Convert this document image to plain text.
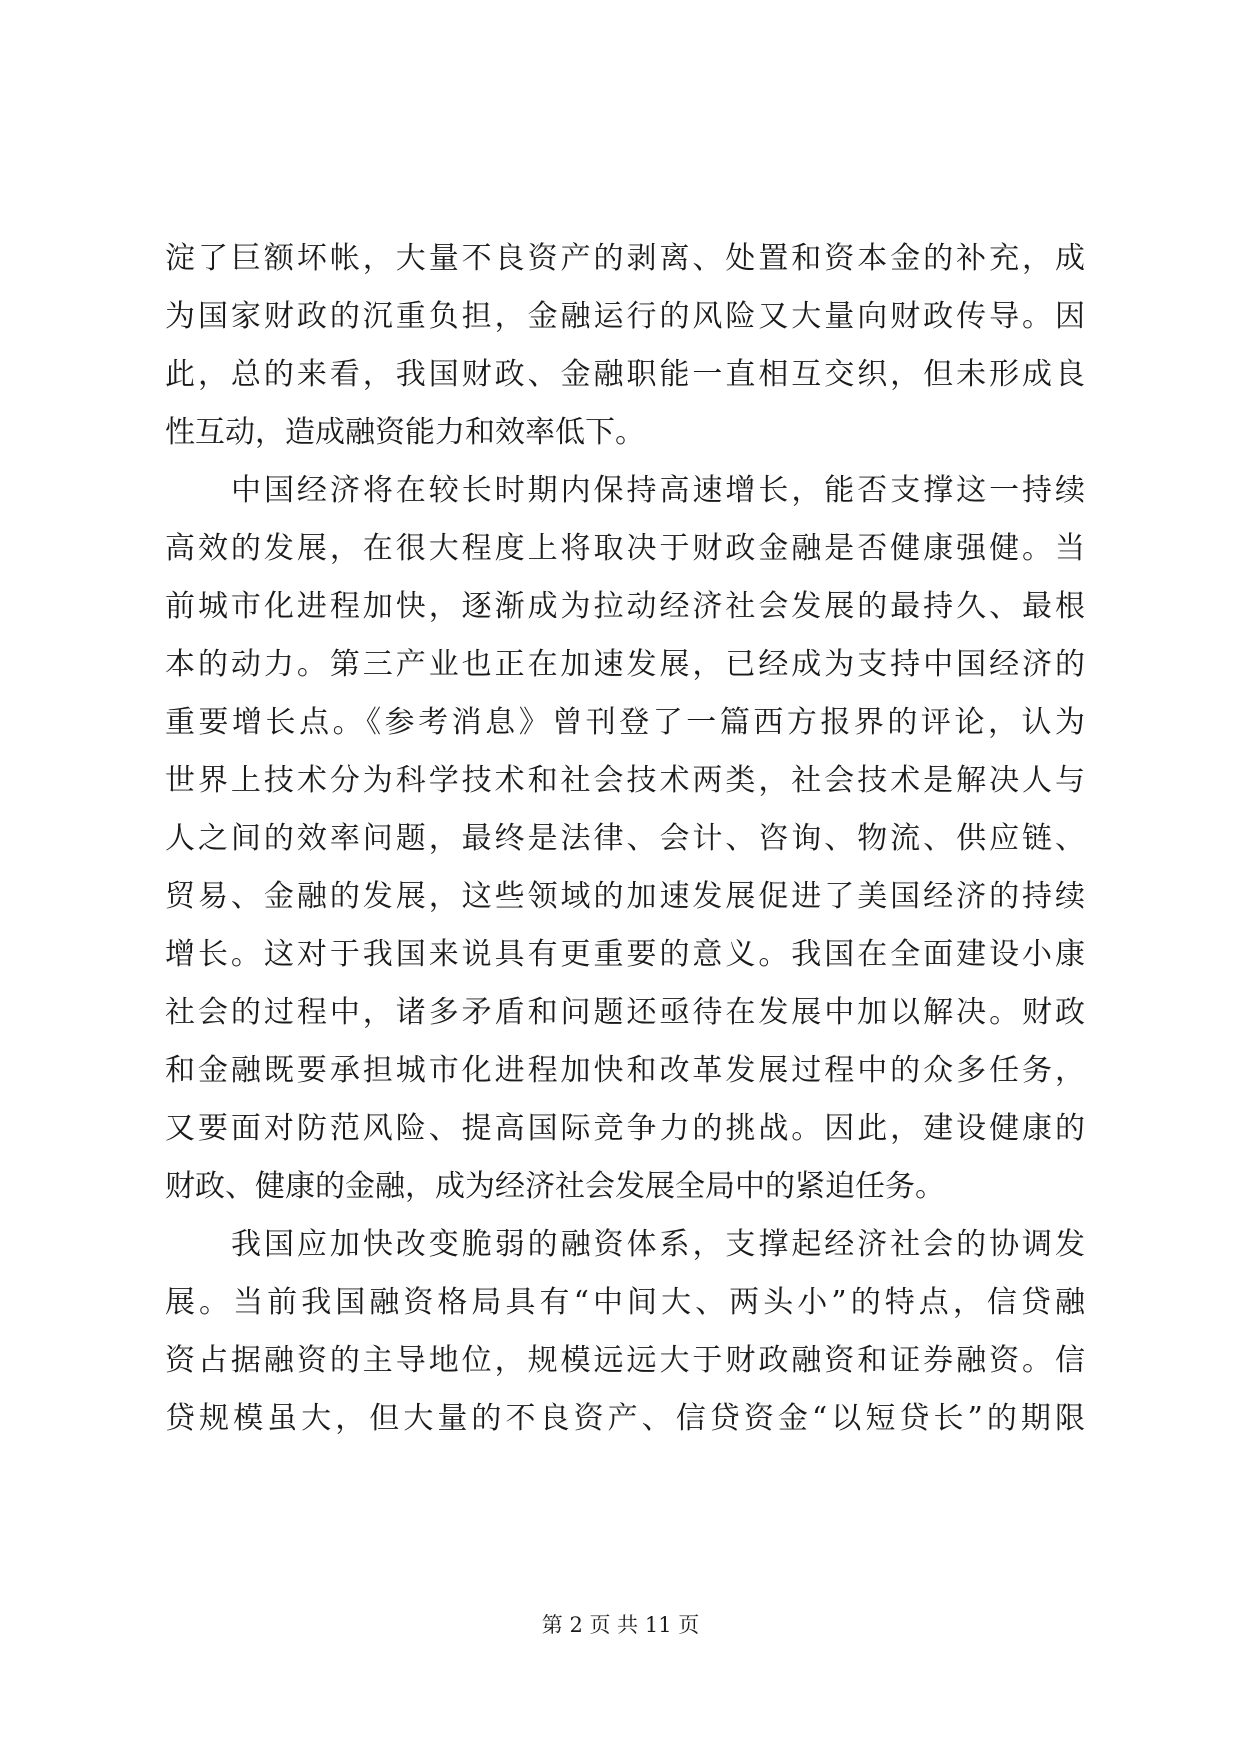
淀了巨额坏帐，大量不良资产的剥离、处置和资本金的补充，成
为国家财政的沉重负担，金融运行的风险又大量向财政传导。因
此，总的来看，我国财政、金融职能一直相互交织，但未形成良
性互动，造成融资能力和效率低下。
中国经济将在较长时期内保持高速增长，能否支撑这一持续
高效的发展，在很大程度上将取决于财政金融是否健康强健。当
前城市化进程加快，逐渐成为拉动经济社会发展的最持久、最根
本的动力。第三产业也正在加速发展，已经成为支持中国经济的
重要增长点。《参考消息》曾刊登了一篇西方报界的评论，认为
世界上技术分为科学技术和社会技术两类，社会技术是解决人与
人之间的效率问题，最终是法律、会计、咨询、物流、供应链、
贸易、金融的发展，这些领域的加速发展促进了美国经济的持续
增长。这对于我国来说具有更重要的意义。我国在全面建设小康
社会的过程中，诸多矛盾和问题还亟待在发展中加以解决。财政
和金融既要承担城市化进程加快和改革发展过程中的众多任务，
又要面对防范风险、提高国际竞争力的挑战。因此，建设健康的
财政、健康的金融，成为经济社会发展全局中的紧迫任务。
我国应加快改变脆弱的融资体系，支撑起经济社会的协调发
展。当前我国融资格局具有“中间大、两头小”的特点，信贷融
资占据融资的主导地位，规模远远大于财政融资和证券融资。信
贷规模虽大，但大量的不良资产、信贷资金“以短贷长”的期限
第 2 页 共 11 页
